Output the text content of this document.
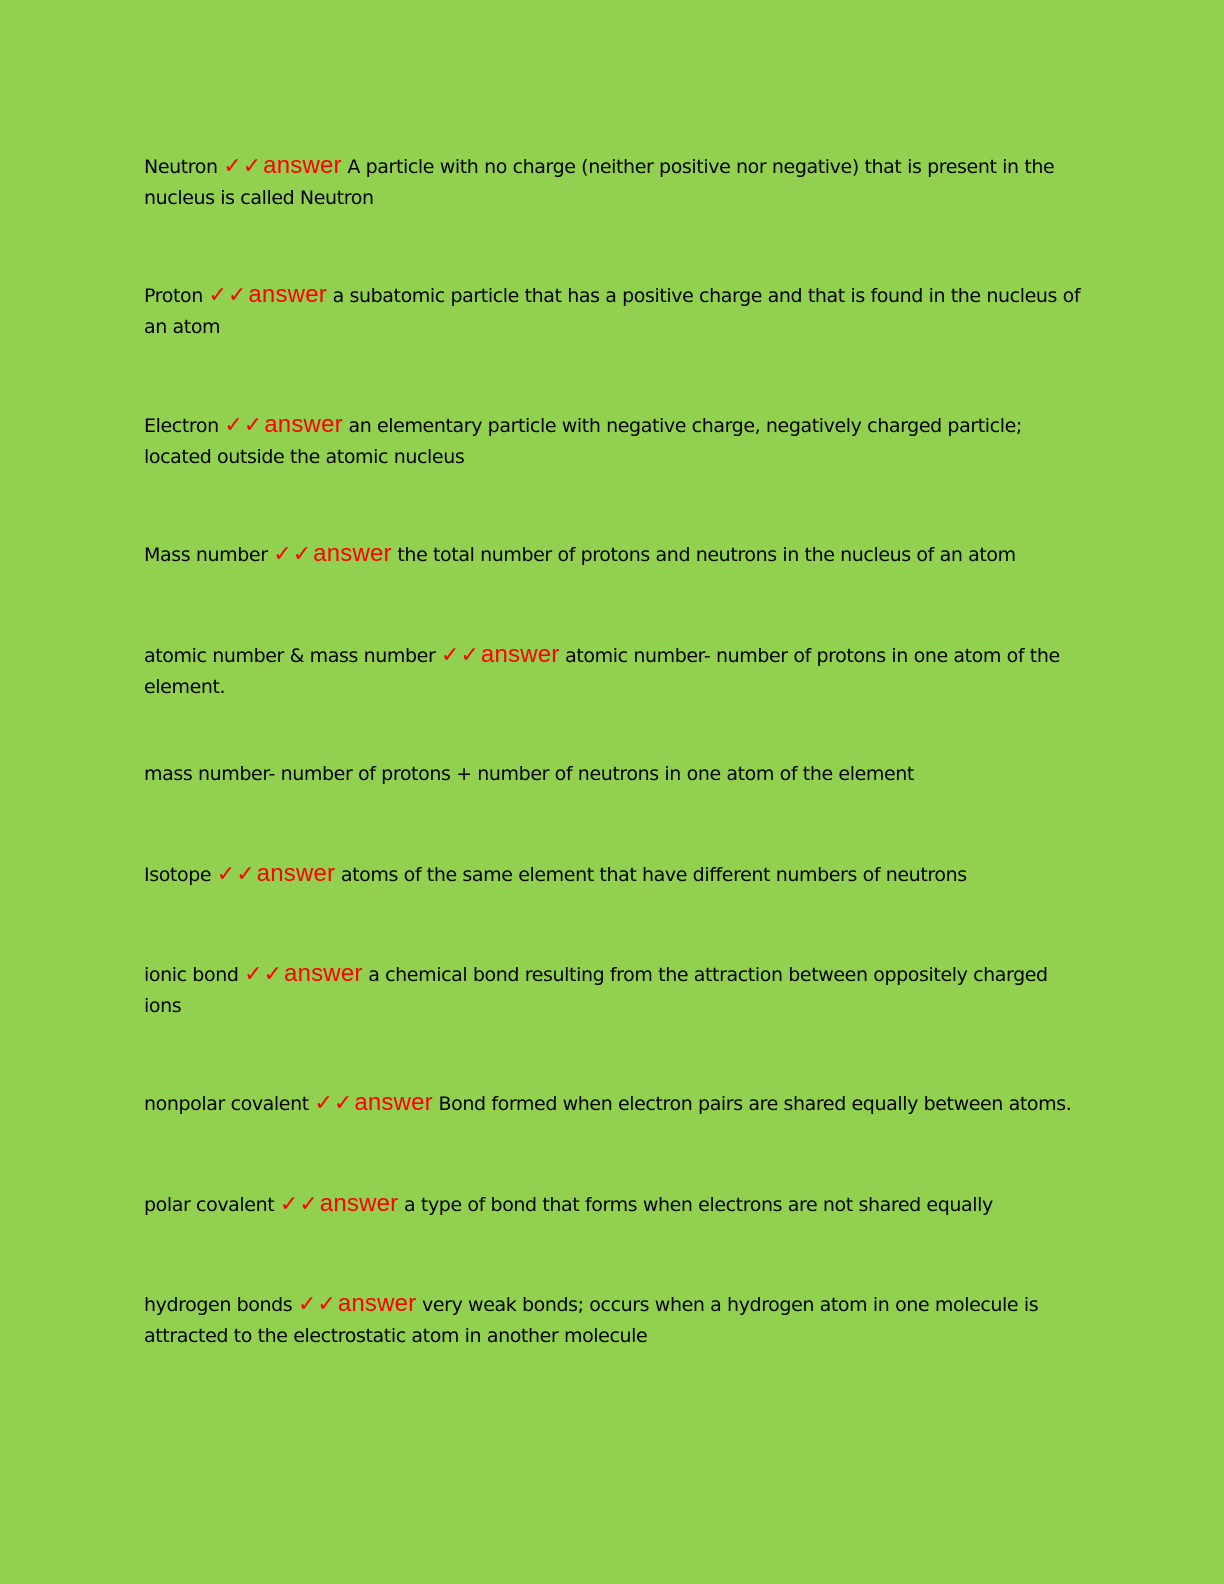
Neutron ✓✓answer A particle with no charge (neither positive nor negative) that is present in the nucleus is called Neutron
Proton ✓✓answer a subatomic particle that has a positive charge and that is found in the nucleus of an atom
Electron ✓✓answer an elementary particle with negative charge, negatively charged particle; located outside the atomic nucleus
Mass number ✓✓answer the total number of protons and neutrons in the nucleus of an atom
atomic number & mass number ✓✓answer atomic number- number of protons in one atom of the element.
mass number- number of protons + number of neutrons in one atom of the element
Isotope ✓✓answer atoms of the same element that have different numbers of neutrons
ionic bond ✓✓answer a chemical bond resulting from the attraction between oppositely charged ions
nonpolar covalent ✓✓answer Bond formed when electron pairs are shared equally between atoms.
polar covalent ✓✓answer a type of bond that forms when electrons are not shared equally
hydrogen bonds ✓✓answer very weak bonds; occurs when a hydrogen atom in one molecule is attracted to the electrostatic atom in another molecule
